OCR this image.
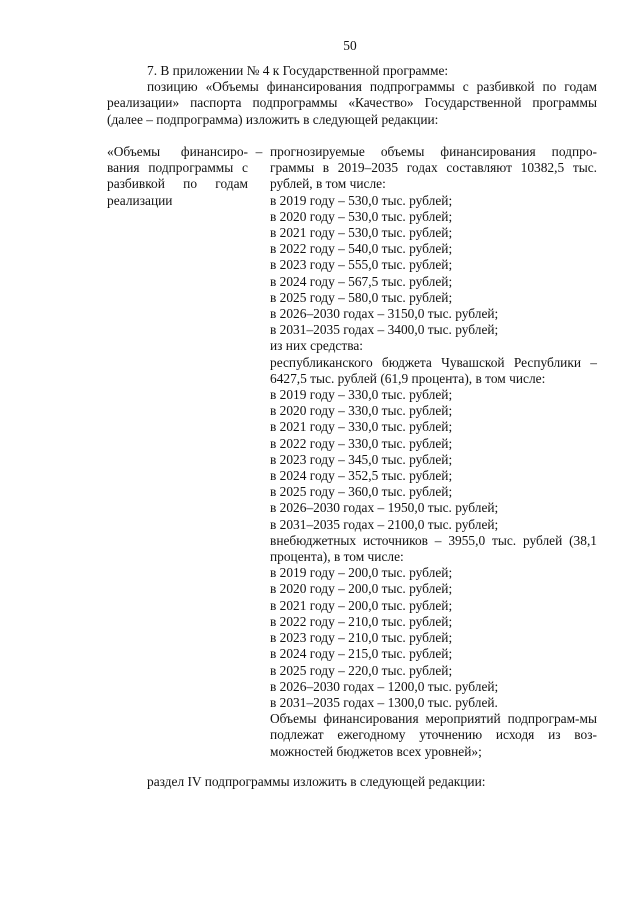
50

7. В приложении № 4 к Государственной программе:

позицию «Объемы финансирования подпрограммы с разбивкой по годам реализации» паспорта подпрограммы «Качество» Государственной программы (далее – подпрограмма) изложить в следующей редакции:

«Объемы финансиро-вания подпрограммы с разбивкой по годам реализации
– прогнозируемые объемы финансирования подпро-граммы в 2019–2035 годах составляют 10382,5 тыс. рублей, в том числе:

в 2019 году – 530,0 тыс. рублей;

в 2020 году – 530,0 тыс. рублей;

в 2021 году – 530,0 тыс. рублей;

в 2022 году – 540,0 тыс. рублей;

в 2023 году – 555,0 тыс. рублей;

в 2024 году – 567,5 тыс. рублей;

в 2025 году – 580,0 тыс. рублей;

в 2026–2030 годах – 3150,0 тыс. рублей;

в 2031–2035 годах – 3400,0 тыс. рублей;

из них средства:

республиканского бюджета Чувашской Республики – 6427,5 тыс. рублей (61,9 процента), в том числе:

в 2019 году – 330,0 тыс. рублей;

в 2020 году – 330,0 тыс. рублей;

в 2021 году – 330,0 тыс. рублей;

в 2022 году – 330,0 тыс. рублей;

в 2023 году – 345,0 тыс. рублей;

в 2024 году – 352,5 тыс. рублей;

в 2025 году – 360,0 тыс. рублей;

в 2026–2030 годах – 1950,0 тыс. рублей;

в 2031–2035 годах – 2100,0 тыс. рублей;

внебюджетных источников – 3955,0 тыс. рублей (38,1 процента), в том числе:

в 2019 году – 200,0 тыс. рублей;

в 2020 году – 200,0 тыс. рублей;

в 2021 году – 200,0 тыс. рублей;

в 2022 году – 210,0 тыс. рублей;

в 2023 году – 210,0 тыс. рублей;

в 2024 году – 215,0 тыс. рублей;

в 2025 году – 220,0 тыс. рублей;

в 2026–2030 годах – 1200,0 тыс. рублей;

в 2031–2035 годах – 1300,0 тыс. рублей.

Объемы финансирования мероприятий подпрограм-мы подлежат ежегодному уточнению исходя из воз-можностей бюджетов всех уровней»;

раздел IV подпрограммы изложить в следующей редакции:
